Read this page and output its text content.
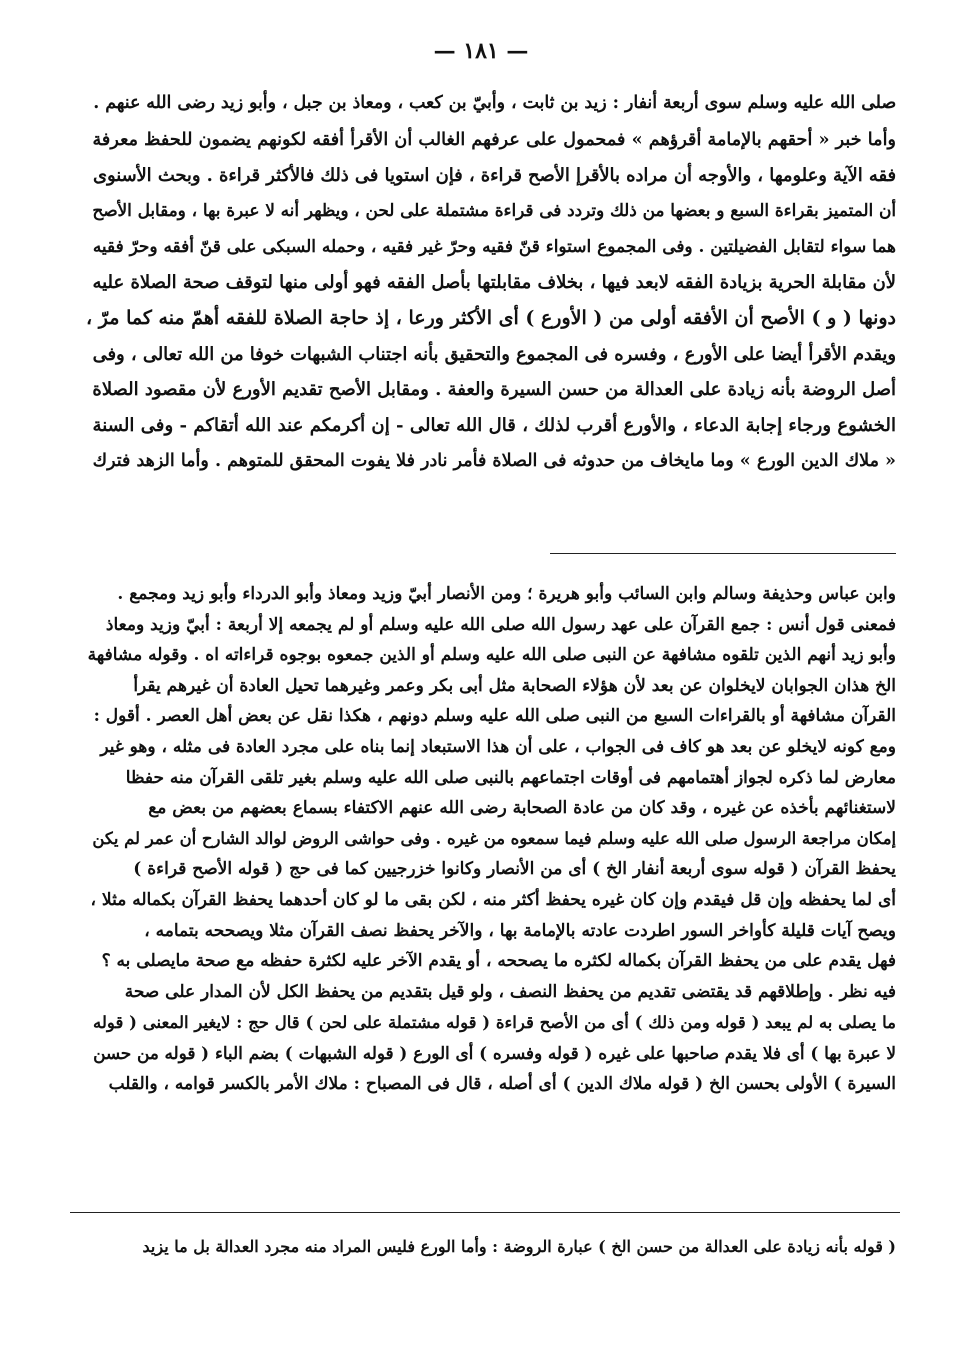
— ١٨١ —
صلى الله عليه وسلم سوى أربعة أنفار : زيد بن ثابت ، وأبيّ بن كعب ، ومعاذ بن جبل ، وأبو زيد رضى الله عنهم .
وأما خبر « أحقهم بالإمامة أقرؤهم » فمحمول على عرفهم الغالب أن الأقرأ أفقه لكونهم يضمون للحفظ معرفة
فقه الآية وعلومها ، والأوجه أن مراده بالأقرإ الأصح قراءة ، فإن استويا فى ذلك فالأكثر قراءة . وبحث الأسنوى
أن المتميز بقراءة السبع و بعضها من ذلك وتردد فى قراءة مشتملة على لحن ، ويظهر أنه لا عبرة بها ، ومقابل الأصح
هما سواء لتقابل الفضيلتين . وفى المجموع استواء قنّ فقيه وحرّ غير فقيه ، وحمله السبكى على قنّ أفقه وحرّ فقيه
لأن مقابلة الحرية بزيادة الفقه لابعد فيها ، بخلاف مقابلتها بأصل الفقه فهو أولى منها لتوقف صحة الصلاة عليه
دونها ( و ) الأصح أن الأفقه أولى من ( الأورع ) أى الأكثر ورعا ، إذ حاجة الصلاة للفقه أهمّ منه كما مرّ ،
ويقدم الأقرأ أيضا على الأورع ، وفسره فى المجموع والتحقيق بأنه اجتناب الشبهات خوفا من الله تعالى ، وفى
أصل الروضة بأنه زيادة على العدالة من حسن السيرة والعفة . ومقابل الأصح تقديم الأورع لأن مقصود الصلاة
الخشوع ورجاء إجابة الدعاء ، والأورع أقرب لذلك ، قال الله تعالى - إن أكرمكم عند الله أتقاكم - وفى السنة
« ملاك الدين الورع » وما مايخاف من حدوثه فى الصلاة فأمر نادر فلا يفوت المحقق للمتوهم . وأما الزهد فترك
وابن عباس وحذيفة وسالم وابن السائب وأبو هريرة ؛ ومن الأنصار أبيّ وزيد ومعاذ وأبو الدرداء وأبو زيد ومجمع .
فمعنى قول أنس : جمع القرآن على عهد رسول الله صلى الله عليه وسلم أو لم يجمعه إلا أربعة : أبيّ وزيد ومعاذ
وأبو زيد أنهم الذين تلقوه مشافهة عن النبى صلى الله عليه وسلم أو الذين جمعوه بوجوه قراءاته اه . وقوله مشافهة
الخ هذان الجوابان لايخلوان عن بعد لأن هؤلاء الصحابة مثل أبى بكر وعمر وغيرهما تحيل العادة أن غيرهم يقرأ
القرآن مشافهة أو بالقراءات السبع من النبى صلى الله عليه وسلم دونهم ، هكذا نقل عن بعض أهل العصر . أقول :
ومع كونه لايخلو عن بعد هو كاف فى الجواب ، على أن هذا الاستبعاد إنما بناه على مجرد العادة فى مثله ، وهو غير
معارض لما ذكره لجواز أهتمامهم فى أوقات اجتماعهم بالنبى صلى الله عليه وسلم بغير تلقى القرآن منه حفظا
لاستغنائهم بأخذه عن غيره ، وقد كان من عادة الصحابة رضى الله عنهم الاكتفاء بسماع بعضهم من بعض مع
إمكان مراجعة الرسول صلى الله عليه وسلم فيما سمعوه من غيره . وفى حواشى الروض لوالد الشارح أن عمر لم يكن
يحفظ القرآن ( قوله سوى أربعة أنفار الخ ) أى من الأنصار وكانوا خزرجيين كما فى حج ( قوله الأصح قراءة )
أى لما يحفظه وإن قل فيقدم وإن كان غيره يحفظ أكثر منه ، لكن بقى ما لو كان أحدهما يحفظ القرآن بكماله مثلا ،
ويصح آيات قليلة كأواخر السور اطردت عادته بالإمامة بها ، والآخر يحفظ نصف القرآن مثلا ويصححه بتمامه ،
فهل يقدم على من يحفظ القرآن بكماله لكثره ما يصححه ، أو يقدم الآخر عليه لكثرة حفظه مع صحة مايصلى به ؟
فيه نظر . وإطلاقهم قد يقتضى تقديم من يحفظ النصف ، ولو قيل بتقديم من يحفظ الكل لأن المدار على صحة
ما يصلى به لم يبعد ( قوله ومن ذلك ) أى من الأصح قراءة ( قوله مشتملة على لحن ) قال حج : لايغير المعنى ( قوله
لا عبرة بها ) أى فلا يقدم صاحبها على غيره ( قوله وفسره ) أى الورع ( قوله الشبهات ) بضم الباء ( قوله من حسن
السيرة ) الأولى بحسن الخ ( قوله ملاك الدين ) أى أصله ، قال فى المصباح : ملاك الأمر بالكسر قوامه ، والقلب
( قوله بأنه زيادة على العدالة من حسن الخ ) عبارة الروضة : وأما الورع فليس المراد منه مجرد العدالة بل ما يزيد
